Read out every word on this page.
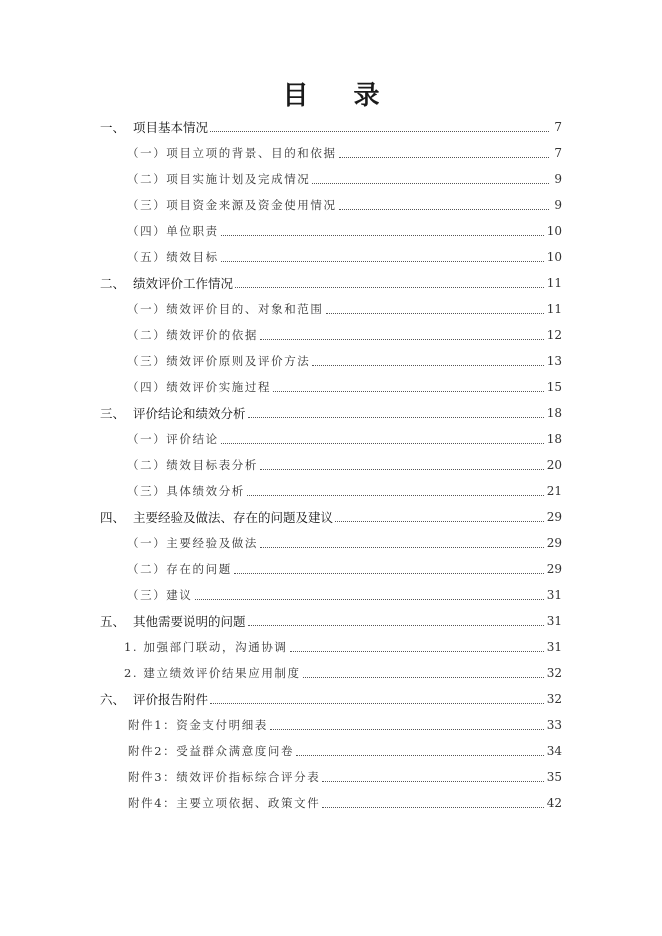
目 录
一、 项目基本情况	7
（一）项目立项的背景、目的和依据	7
（二）项目实施计划及完成情况	9
（三）项目资金来源及资金使用情况	9
（四）单位职责	10
（五）绩效目标	10
二、 绩效评价工作情况	11
（一）绩效评价目的、对象和范围	11
（二）绩效评价的依据	12
（三）绩效评价原则及评价方法	13
（四）绩效评价实施过程	15
三、 评价结论和绩效分析	18
（一）评价结论	18
（二）绩效目标表分析	20
（三）具体绩效分析	21
四、 主要经验及做法、存在的问题及建议	29
（一）主要经验及做法	29
（二）存在的问题	29
（三）建议	31
五、 其他需要说明的问题	31
1. 加强部门联动，沟通协调	31
2. 建立绩效评价结果应用制度	32
六、 评价报告附件	32
附件1：资金支付明细表	33
附件2：受益群众满意度问卷	34
附件3：绩效评价指标综合评分表	35
附件4：主要立项依据、政策文件	42
